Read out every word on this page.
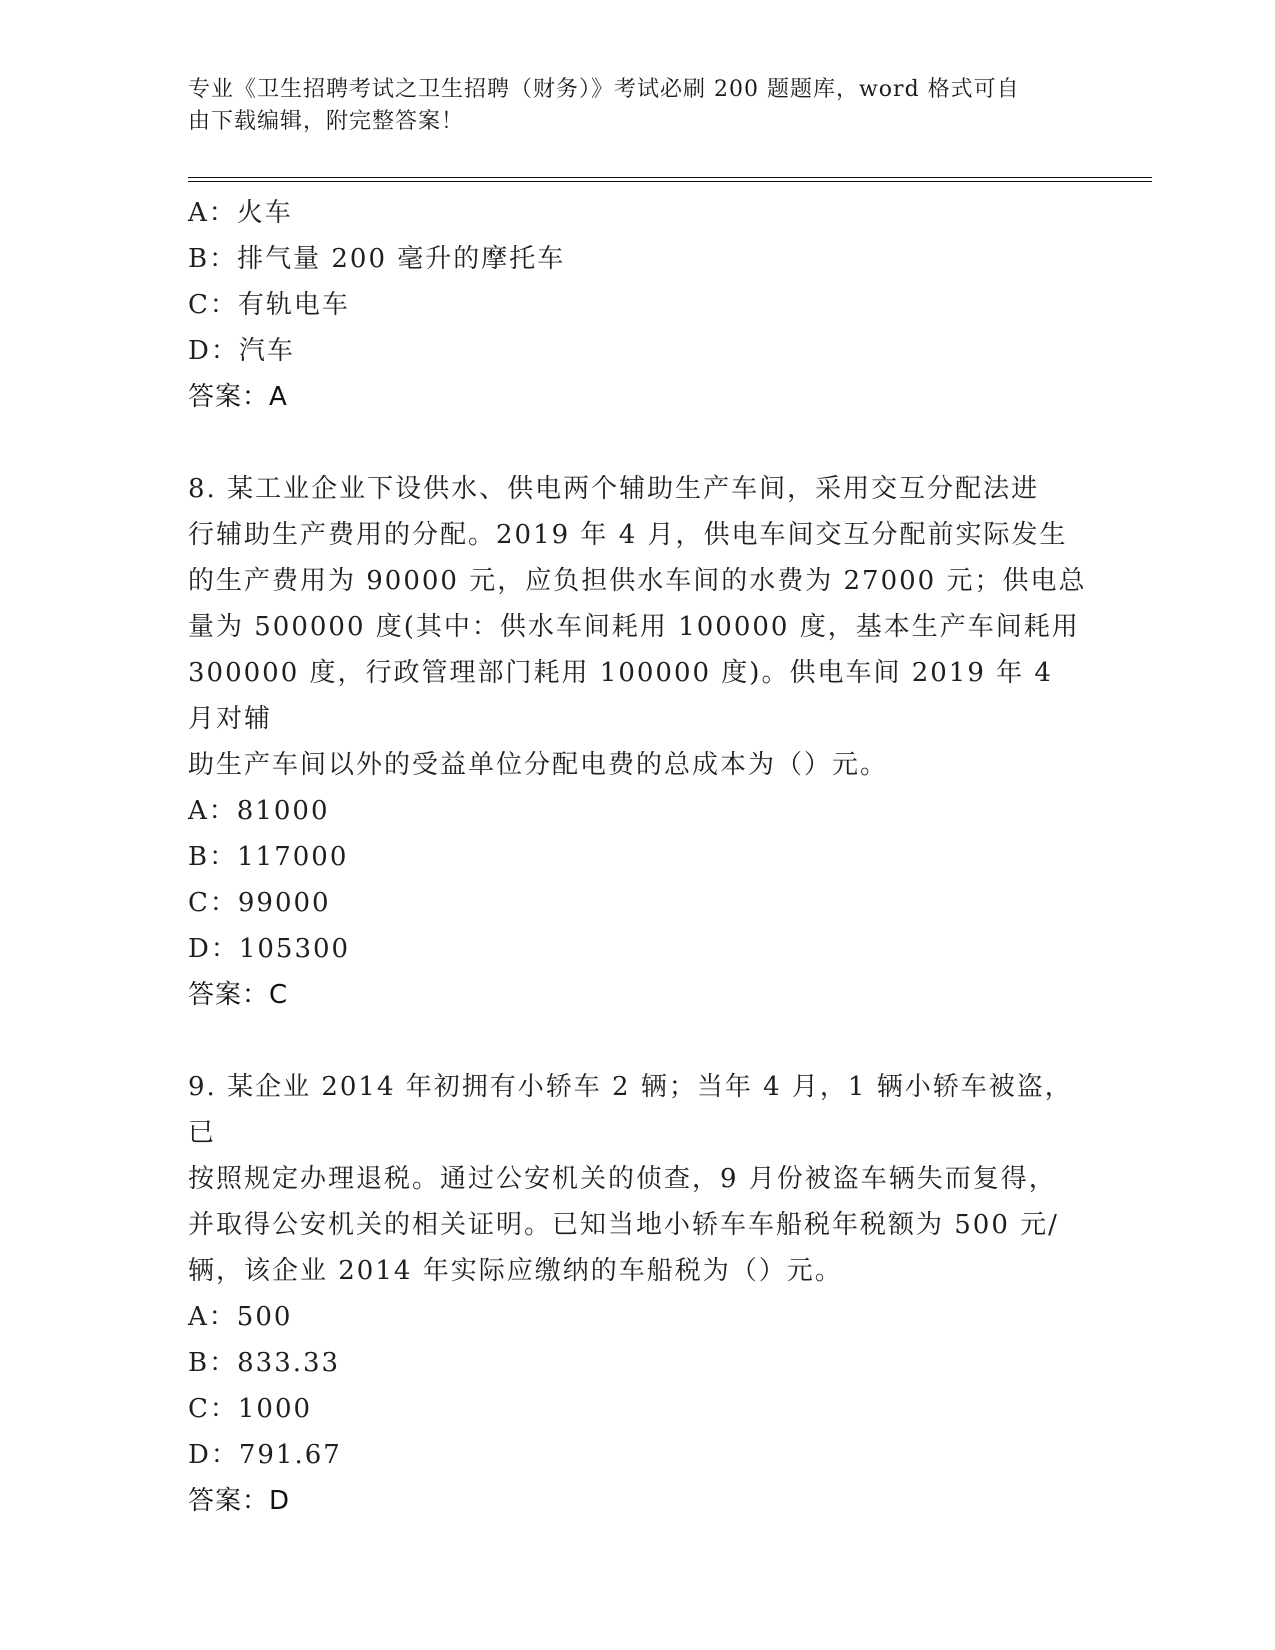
专业《卫生招聘考试之卫生招聘（财务）》考试必刷 200 题题库，word 格式可自
由下载编辑，附完整答案！
A：火车
B：排气量 200 毫升的摩托车
C：有轨电车
D：汽车
答案：A
8. 某工业企业下设供水、供电两个辅助生产车间，采用交互分配法进
行辅助生产费用的分配。2019 年 4 月，供电车间交互分配前实际发生
的生产费用为 90000 元，应负担供水车间的水费为 27000 元；供电总
量为 500000 度(其中：供水车间耗用 100000 度，基本生产车间耗用
300000 度，行政管理部门耗用 100000 度)。供电车间 2019 年 4 月对辅
助生产车间以外的受益单位分配电费的总成本为（）元。
A：81000
B：117000
C：99000
D：105300
答案：C
9. 某企业 2014 年初拥有小轿车 2 辆；当年 4 月，1 辆小轿车被盗，已
按照规定办理退税。通过公安机关的侦查，9 月份被盗车辆失而复得，
并取得公安机关的相关证明。已知当地小轿车车船税年税额为 500 元/
辆，该企业 2014 年实际应缴纳的车船税为（）元。
A：500
B：833.33
C：1000
D：791.67
答案：D
